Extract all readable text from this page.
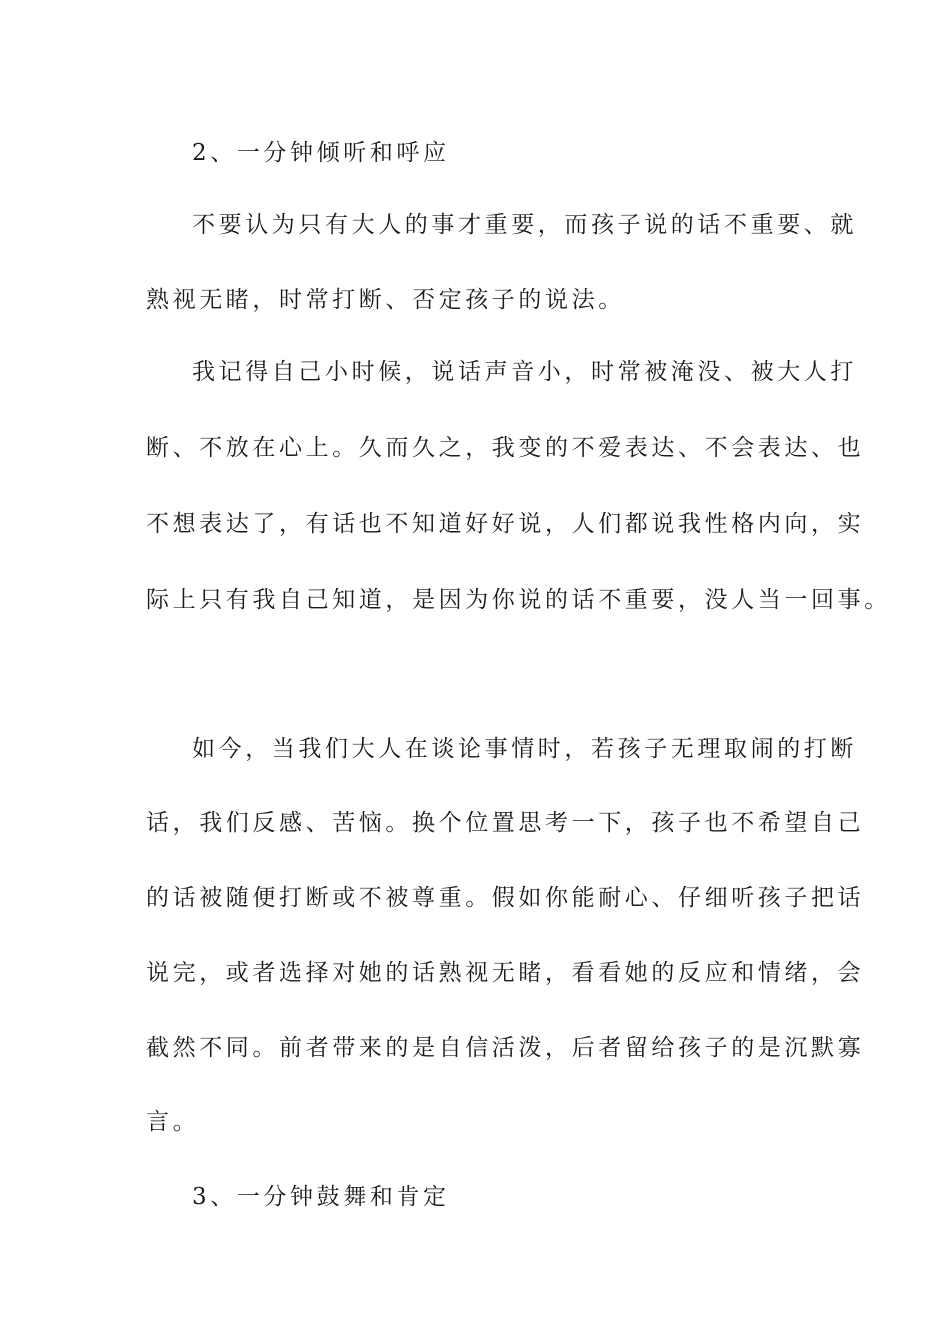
2、一分钟倾听和呼应
不要认为只有大人的事才重要，而孩子说的话不重要、就
熟视无睹，时常打断、否定孩子的说法。
我记得自己小时候，说话声音小，时常被淹没、被大人打
断、不放在心上。久而久之，我变的不爱表达、不会表达、也
不想表达了，有话也不知道好好说，人们都说我性格内向，实
际上只有我自己知道，是因为你说的话不重要，没人当一回事。
如今，当我们大人在谈论事情时，若孩子无理取闹的打断
话，我们反感、苦恼。换个位置思考一下，孩子也不希望自己
的话被随便打断或不被尊重。假如你能耐心、仔细听孩子把话
说完，或者选择对她的话熟视无睹，看看她的反应和情绪，会
截然不同。前者带来的是自信活泼，后者留给孩子的是沉默寡
言。
3、一分钟鼓舞和肯定
